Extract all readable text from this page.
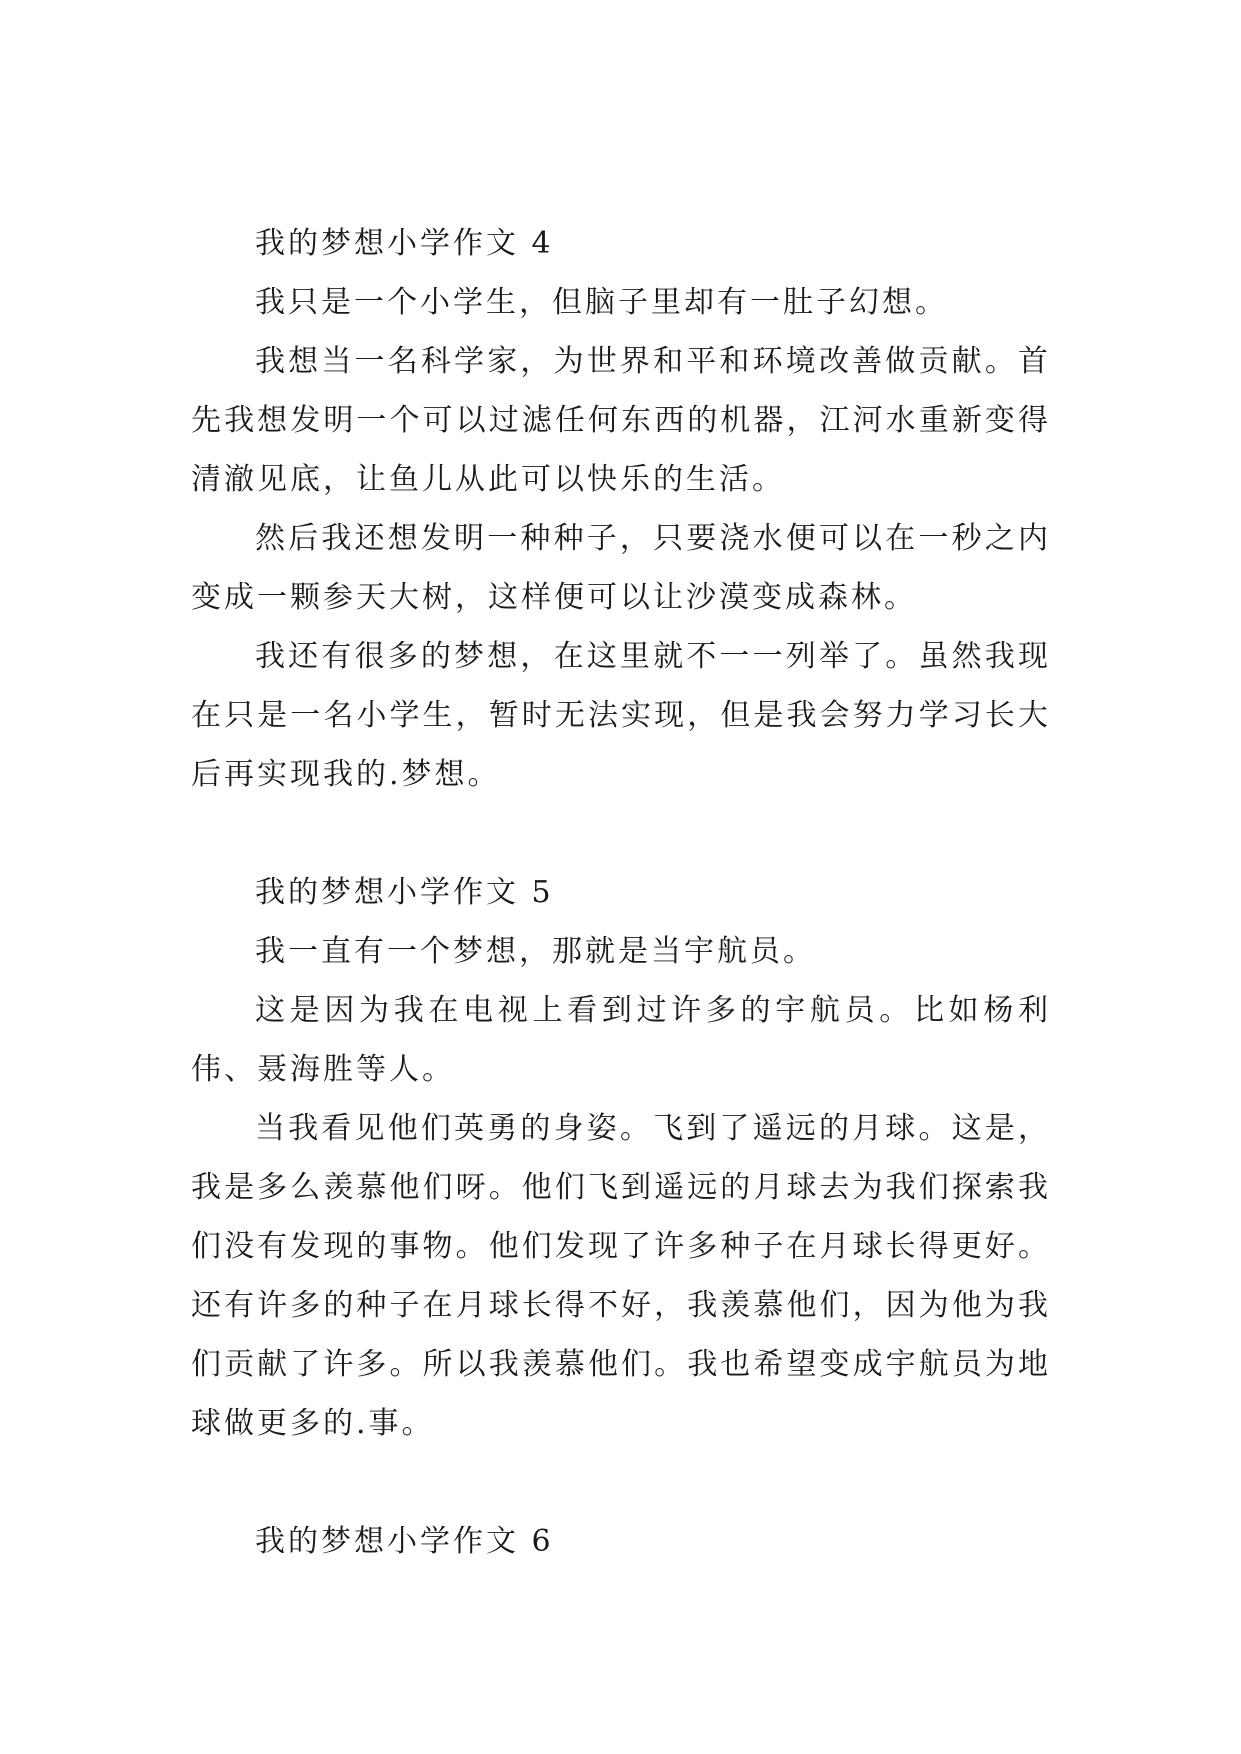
我的梦想小学作文 4

我只是一个小学生，但脑子里却有一肚子幻想。

我想当一名科学家，为世界和平和环境改善做贡献。首先我想发明一个可以过滤任何东西的机器，江河水重新变得清澈见底，让鱼儿从此可以快乐的生活。

然后我还想发明一种种子，只要浇水便可以在一秒之内变成一颗参天大树，这样便可以让沙漠变成森林。

我还有很多的梦想，在这里就不一一列举了。虽然我现在只是一名小学生，暂时无法实现，但是我会努力学习长大后再实现我的.梦想。

我的梦想小学作文 5

我一直有一个梦想，那就是当宇航员。

这是因为我在电视上看到过许多的宇航员。比如杨利伟、聂海胜等人。

当我看见他们英勇的身姿。飞到了遥远的月球。这是，我是多么羡慕他们呀。他们飞到遥远的月球去为我们探索我们没有发现的事物。他们发现了许多种子在月球长得更好。还有许多的种子在月球长得不好，我羡慕他们，因为他为我们贡献了许多。所以我羡慕他们。我也希望变成宇航员为地球做更多的.事。

我的梦想小学作文 6
